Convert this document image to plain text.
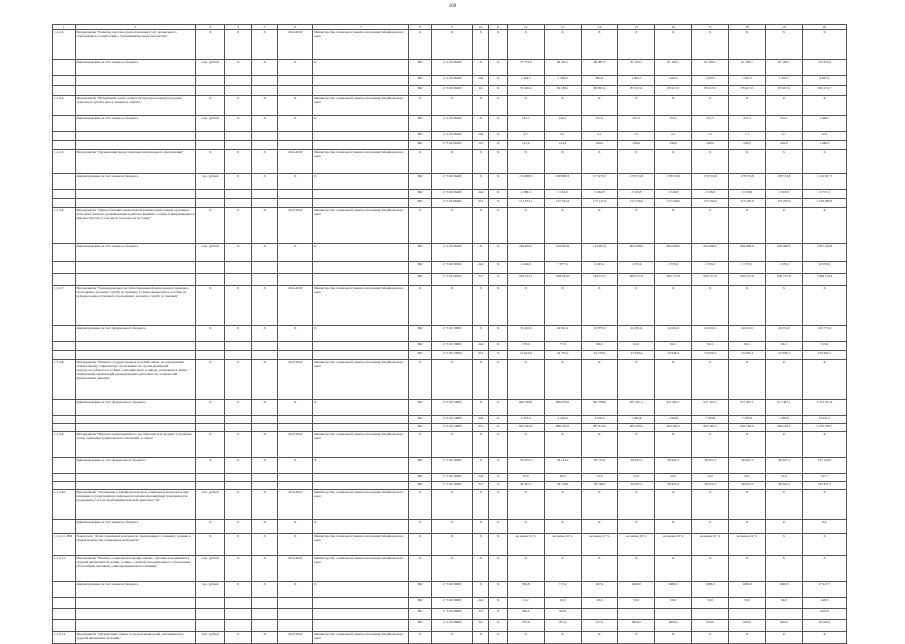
109
1	2	3	4	5	6	7	8	9	10	11	12	13	14	15	16	17	18	19	20
1.1.4.3.	Мероприятие "Развитие системы предоставления услуг дошкольного образования в соответствии с требованиями законодательства"	X	X	X	2014-2020	Министерство социальной защиты населения Забайкальского края	X	X	X	X	X	X	X	X	X	X	X	X	X
	финансирование за счет краевого бюджета	тыс. рублей	X	X	X	X	802	17 3 04 06200	X	X	73 774,9	83 525,1	86 987,3	87 183,7	87 183,7	87 183,7	87 183,7	87 183,7	512 972,6
							802	17 3 04 06200	244	X	1 454,5	1 336,0	895,4	1 263,7	1 263,7	1 263,7	1 263,7	1 263,7	6 697,9
							802	17 3 04 06200	111	X	72 320,4	82 189,1	86 091,9	85 917,0	85 917,0	85 917,0	85 917,0	85 917,0	506 274,7
1.1.4.4.	Мероприятие "Возмещение части стоимости проезда на междугородном транспорте детей к месту лечения и обратно"	X	X	X	X	Министерство социальной защиты населения Забайкальского края	X	X	X	X	X	X	X	X	X	X	X	X	X
	финансирование за счет краевого бюджета	тыс. рублей	X	X	X	X	802	17 3 04 06300	X	X	142,7	146,7	251,5	251,5	251,5	251,5	251,5	251,5	1 498,7
							802	17 3 04 06300	244	X	0,7	2,1	2,1	2,1	2,1	2,1	2,1	2,1	12,5
							802	17 3 04 06300	113	X	141,6	145,4	248,2	249,0	249,0	249,0	249,0	249,0	1 486,2
1.1.4.5.	Мероприятие "Организация предоставления материального обеспечения"	X	X	X	2014-2020	Министерство социальной защиты населения Забайкальского края	X	X	X	X	X	X	X	X	X	X	X	X	X
	финансирование за счет краевого бюджета	тыс. рублей	X	X	X	X	802	17 3 04 06400	X	X	174 008,5	168 680,3	177 476,7	178 574,8	178 574,8	178 574,8	178 574,8	178 574,8	1 119 927,7
							802	17 3 04 06400	244	X	2 286,4	1 154,8	2 264,8	2 318,8	2 318,8	2 318,8	2 318,8	2 318,8	13 371,5
							802	17 3 04 06400	313	X	171 812,1	167 341,6	175 211,9	175 256,0	175 256,0	175 256,0	175 256,0	175 256,0	1 106 586,6
1.1.4.6.	Мероприятие "Предоставление ежемесячной компенсации семьям отдельных категорий граждан, проживающим в районах Крайнего Севера и приравненных к ним местностях, в том числе расходов на доставку"	X	X	X	2014-2020	Министерство социальной защиты населения Забайкальского края	X	X	X	X	X	X	X	X	X	X	X	X	X
	финансирование за счет краевого бюджета	тыс. рублей	X	X	X	X	802	17 3 04 06500	X	X	299 924,7	316 822,6	153 997,9	602 098,0	602 098,0	602 098,0	602 098,0	602 098,0	1 837 349,8
							802	17 3 04 06500	244	X	4 454,6	7 877,6	4 425,2	1 370,2	1 370,2	1 370,2	1 370,2	1 370,2	22 059,9
							802	17 3 04 06500	313	X	295 472,1	308 945,0	149 572,7	600 727,8	600 727,8	600 727,8	600 727,8	600 727,8	1 808 719,4
1.1.4.7.	Мероприятие "Единовременное пособие беременной жене военнослужащего, проходящего военную службу по призыву, а также ежемесячное пособие на ребенка военнослужащего, проходящего военную службу по призыву"	X	X	X	2014-2020	Министерство социальной защиты населения Забайкальского края	X	X	X	X	X	X	X	X	X	X	X	X	X
	финансирование за счет федерального бюджета	X	X	X	X	X	802	17 3 04 53800	X	X	31 202,6	24 812,2	19 875,9	24 031,6	24 031,6	24 031,6	24 031,6	24 031,6	129 775,9
							802	17 3 04 53800	244	X	178,0	77,0	96,0	92,2	92,2	92,2	92,2	92,2	513,6
							802	17 3 04 53800	313	X	31 024,6	24 735,2	19 779,9	23 939,4	23 939,4	23 939,4	23 939,4	23 939,4	129 262,3
1.1.4.8.	Мероприятие "Выплата государственных пособий лицам, не подлежащим обязательному социальному страхованию на случай временной нетрудоспособности и в связи с материнством, и лицам, уволенным в связи с ликвидацией организаций (прекращением деятельности, полномочий физическими лицами)"	X	X	X	2014-2020	Министерство социальной защиты населения Забайкальского края	X	X	X	X	X	X	X	X	X	X	X	X	X
	финансирование за счет федерального бюджета	X	X	X	X	X	802	17 3 04 53800	X	X	846 798,0	890 976,0	992 788,0	971 467,1	971 467,1	971 467,1	971 467,1	971 467,1	5 313 191,9
							802	17 3 04 53800	244	X	4 375,0	4 434,0	4 976,0	7 283,8	7 283,8	7 283,8	7 283,8	7 283,8	33 431,2
							802	17 3 04 53800	313	X	842 423,0	886 542,0	987 812,0	964 183,3	964 183,3	964 183,3	964 183,3	964 183,3	5 279 760,7
1.1.4.9.	Мероприятие "Выплата единовременного пособия при всех формах устройства детей, лишенных родительского попечения, в семью"	X	X	X	2014-2020	Министерство социальной защиты населения Забайкальского края	X	X	X	X	X	X	X	X	X	X	X	X	X
	финансирование за счет федерального бюджета	X	X	X	X	X	802	17 3 04 52600	X	X	39 470,5	39 144,0	38 772,0	38 947,4	38 947,4	38 947,4	38 947,4	38 947,4	233 104,9
							802	17 3 04 52600	244	X	25,0	26,0	24,0	22,0	22,0	22,0	22,0	22,0	147,7
							802	17 3 04 52600	313	X	39 445,5	39 118,0	38 748,0	38 925,4	38 925,4	38 925,4	38 925,4	38 925,4	232 957,2
1.1.4.10.	Мероприятие "Поощрение в Забайкальском крае социальных контрактов при оказании государственной социальной помощи малоимущим гражданам для поддержки роста их предпринимательской деятельности"	тыс. рублей	X	X	2014-2020	Министерство социальной защиты населения Забайкальского края	X	X	X	X	X	X	X	X	X	X	X	X	X
	финансирование за счет краевого бюджета	X	X	X	X	X	X	X	X	X	X	X	X	X	X	X	X	X	0,0
1.1.4.11. ПМ	Показатель "Доля социальных контрактов, заключенных с семьями с детьми, в общем количестве социальных контрактов"	X	X	X	X	Министерство социальной защиты населения Забайкальского края	X	X	X	X	не менее 15 %	не менее 16 %	не менее 17 %	не менее 18 %	не менее 20 %	не менее 21 %	не менее 22 %	X	X
1.1.4.12.	Мероприятие "Выплата социальной помощи семьям с детьми, находящимся в трудной жизненной ситуации, в связи с оплатой дополнительного обеспечения (бесплатным питанием, единовременными пособиями)"	тыс. рублей	X	X	2014-2020	Министерство социальной защиты населения Забайкальского края	X	X	X	X	X	X	X	X	X	X	X	X	X
	финансирование за счет краевого бюджета	тыс. рублей	X	X	X	X	802	17 3 04 06800	X	X	364,8	717,4	497,2	4900,0	4900,0	1000,0	1000,0	1000,0	27 417,7
							802	17 3 04 06800	244	X	11,2	10,0	20,0	50,0	50,0	50,0	50,0	50,0	248,5
							802	17 3 04 06800	313	X	300,0	350,0							1000,0
							802	17 3 04 06800	321	X	353,6	707,4	477,2	4850,0	4850,0	950,0	950,0	950,0	26 169,2
1.1.4.13.	Мероприятие "Организация отдыха и оздоровления детей, находящихся в трудной жизненной ситуации"	тыс. рублей	X	X	2014-2020	Министерство социальной защиты населения Забайкальского края	X	X	X	X	X	X	X	X	X	X	X	X	X
